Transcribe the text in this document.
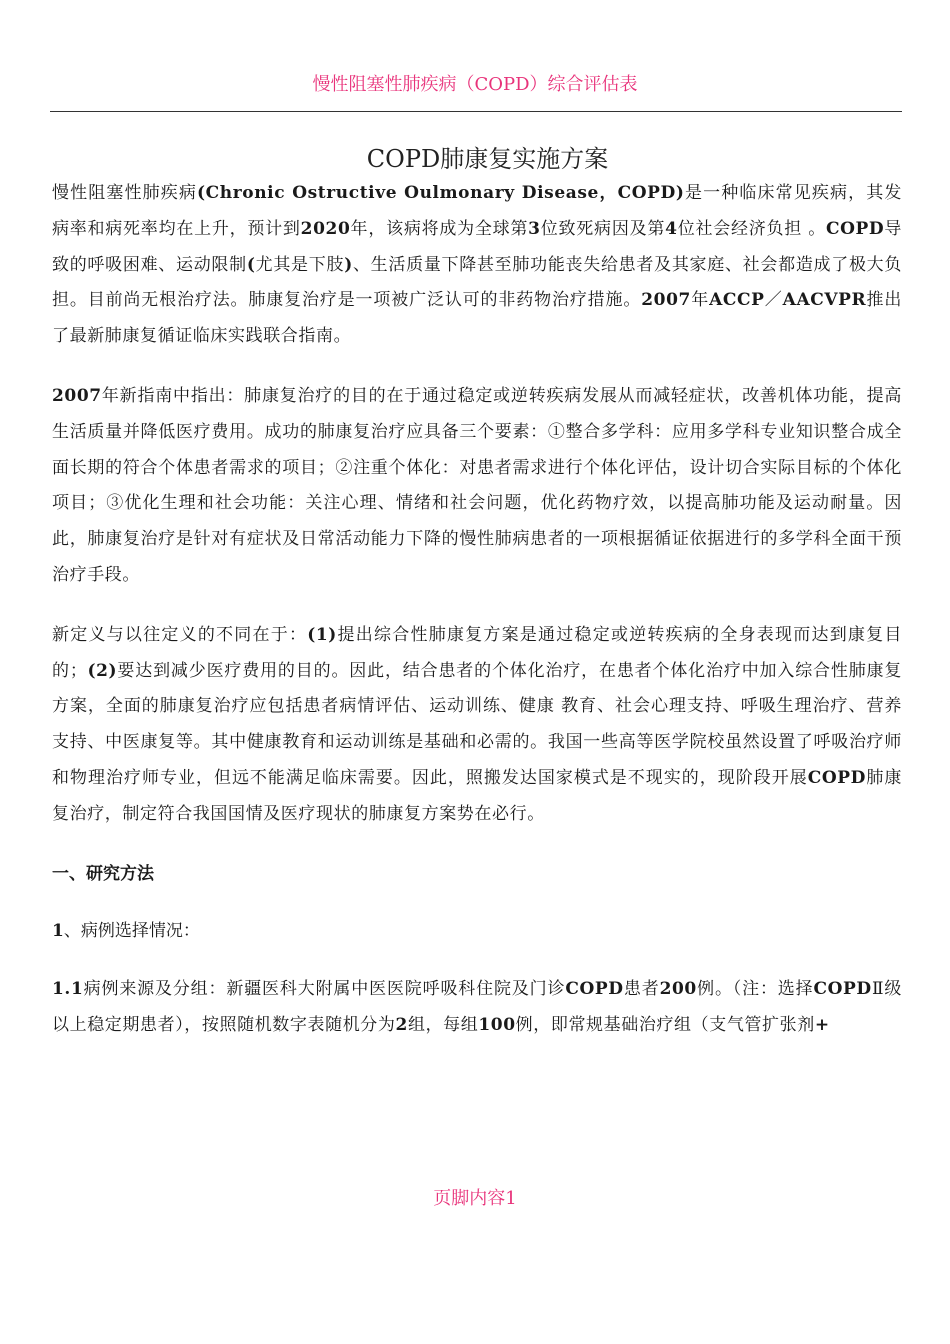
慢性阻塞性肺疾病（COPD）综合评估表
COPD肺康复实施方案

慢性阻塞性肺疾病(Chronic Ostructive Oulmonary Disease，COPD)是一种临床常见疾病，其发病率和病死率均在上升，预计到2020年，该病将成为全球第3位致死病因及第4位社会经济负担 。COPD导致的呼吸困难、运动限制(尤其是下肢)、生活质量下降甚至肺功能丧失给患者及其家庭、社会都造成了极大负担。目前尚无根治疗法。肺康复治疗是一项被广泛认可的非药物治疗措施。2007年ACCP／AACVPR推出了最新肺康复循证临床实践联合指南。

2007年新指南中指出：肺康复治疗的目的在于通过稳定或逆转疾病发展从而减轻症状，改善机体功能，提高生活质量并降低医疗费用。成功的肺康复治疗应具备三个要素：①整合多学科：应用多学科专业知识整合成全面长期的符合个体患者需求的项目；②注重个体化：对患者需求进行个体化评估，设计切合实际目标的个体化项目；③优化生理和社会功能：关注心理、情绪和社会问题，优化药物疗效，以提高肺功能及运动耐量。因此，肺康复治疗是针对有症状及日常活动能力下降的慢性肺病患者的一项根据循证依据进行的多学科全面干预治疗手段。

新定义与以往定义的不同在于：(1)提出综合性肺康复方案是通过稳定或逆转疾病的全身表现而达到康复目的；(2)要达到减少医疗费用的目的。因此，结合患者的个体化治疗，在患者个体化治疗中加入综合性肺康复方案，全面的肺康复治疗应包括患者病情评估、运动训练、健康 教育、社会心理支持、呼吸生理治疗、营养支持、中医康复等。其中健康教育和运动训练是基础和必需的。我国一些高等医学院校虽然设置了呼吸治疗师和物理治疗师专业，但远不能满足临床需要。因此，照搬发达国家模式是不现实的，现阶段开展COPD肺康复治疗，制定符合我国国情及医疗现状的肺康复方案势在必行。

一、研究方法

1、病例选择情况：

1.1病例来源及分组：新疆医科大附属中医医院呼吸科住院及门诊COPD患者200例。（注：选择COPDⅡ级以上稳定期患者），按照随机数字表随机分为2组，每组100例，即常规基础治疗组（支气管扩张剂+

页脚内容1
